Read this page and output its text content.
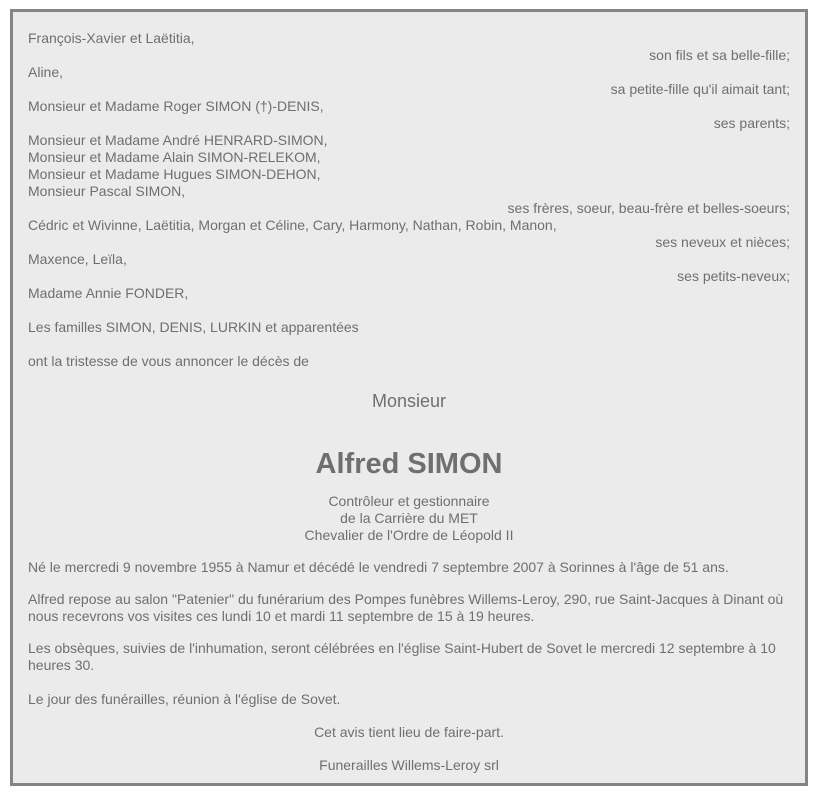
François-Xavier et Laëtitia,
son fils et sa belle-fille;
Aline,
sa petite-fille qu'il aimait tant;
Monsieur et Madame Roger SIMON (†)-DENIS,
ses parents;
Monsieur et Madame André HENRARD-SIMON,
Monsieur et Madame Alain SIMON-RELEKOM,
Monsieur et Madame Hugues SIMON-DEHON,
Monsieur Pascal SIMON,
ses frères, soeur, beau-frère et belles-soeurs;
Cédric et Wivinne, Laëtitia, Morgan et Céline, Cary, Harmony, Nathan, Robin, Manon,
ses neveux et nièces;
Maxence, Leïla,
ses petits-neveux;
Madame Annie FONDER,
Les familles SIMON, DENIS, LURKIN et apparentées
ont la tristesse de vous annoncer le décès de
Monsieur
Alfred SIMON
Contrôleur et gestionnaire
de la Carrière du MET
Chevalier de l'Ordre de Léopold II
Né le mercredi 9 novembre 1955 à Namur et décédé le vendredi 7 septembre 2007 à Sorinnes à l'âge de 51 ans.
Alfred repose au salon "Patenier" du funérarium des Pompes funèbres Willems-Leroy, 290, rue Saint-Jacques à Dinant où nous recevrons vos visites ces lundi 10 et mardi 11 septembre de 15 à 19 heures.
Les obsèques, suivies de l'inhumation, seront célébrées en l'église Saint-Hubert de Sovet le mercredi 12 septembre à 10 heures 30.
Le jour des funérailles, réunion à l'église de Sovet.
Cet avis tient lieu de faire-part.
Funerailles Willems-Leroy srl
